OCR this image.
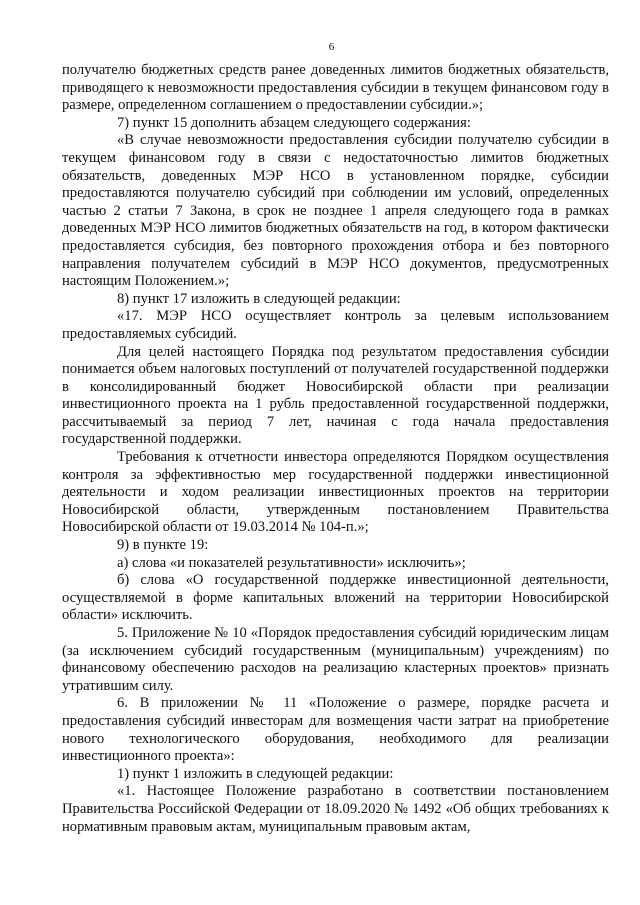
6

получателю бюджетных средств ранее доведенных лимитов бюджетных обязательств, приводящего к невозможности предоставления субсидии в текущем финансовом году в размере, определенном соглашением о предоставлении субсидии.»;

7) пункт 15 дополнить абзацем следующего содержания:

«В случае невозможности предоставления субсидии получателю субсидии в текущем финансовом году в связи с недостаточностью лимитов бюджетных обязательств, доведенных МЭР НСО в установленном порядке, субсидии предоставляются получателю субсидий при соблюдении им условий, определенных частью 2 статьи 7 Закона, в срок не позднее 1 апреля следующего года в рамках доведенных МЭР НСО лимитов бюджетных обязательств на год, в котором фактически предоставляется субсидия, без повторного прохождения отбора и без повторного направления получателем субсидий в МЭР НСО документов, предусмотренных настоящим Положением.»;

8) пункт 17 изложить в следующей редакции:

«17. МЭР НСО осуществляет контроль за целевым использованием предоставляемых субсидий.

Для целей настоящего Порядка под результатом предоставления субсидии понимается объем налоговых поступлений от получателей государственной поддержки в консолидированный бюджет Новосибирской области при реализации инвестиционного проекта на 1 рубль предоставленной государственной поддержки, рассчитываемый за период 7 лет, начиная с года начала предоставления государственной поддержки.

Требования к отчетности инвестора определяются Порядком осуществления контроля за эффективностью мер государственной поддержки инвестиционной деятельности и ходом реализации инвестиционных проектов на территории Новосибирской области, утвержденным постановлением Правительства Новосибирской области от 19.03.2014 № 104-п.»;

9) в пункте 19:

а) слова «и показателей результативности» исключить»;

б) слова «О государственной поддержке инвестиционной деятельности, осуществляемой в форме капитальных вложений на территории Новосибирской области» исключить.

5. Приложение № 10 «Порядок предоставления субсидий юридическим лицам (за исключением субсидий государственным (муниципальным) учреждениям) по финансовому обеспечению расходов на реализацию кластерных проектов» признать утратившим силу.

6. В приложении № 11 «Положение о размере, порядке расчета и предоставления субсидий инвесторам для возмещения части затрат на приобретение нового технологического оборудования, необходимого для реализации инвестиционного проекта»:

1) пункт 1 изложить в следующей редакции:

«1. Настоящее Положение разработано в соответствии постановлением Правительства Российской Федерации от 18.09.2020 № 1492 «Об общих требованиях к нормативным правовым актам, муниципальным правовым актам,
